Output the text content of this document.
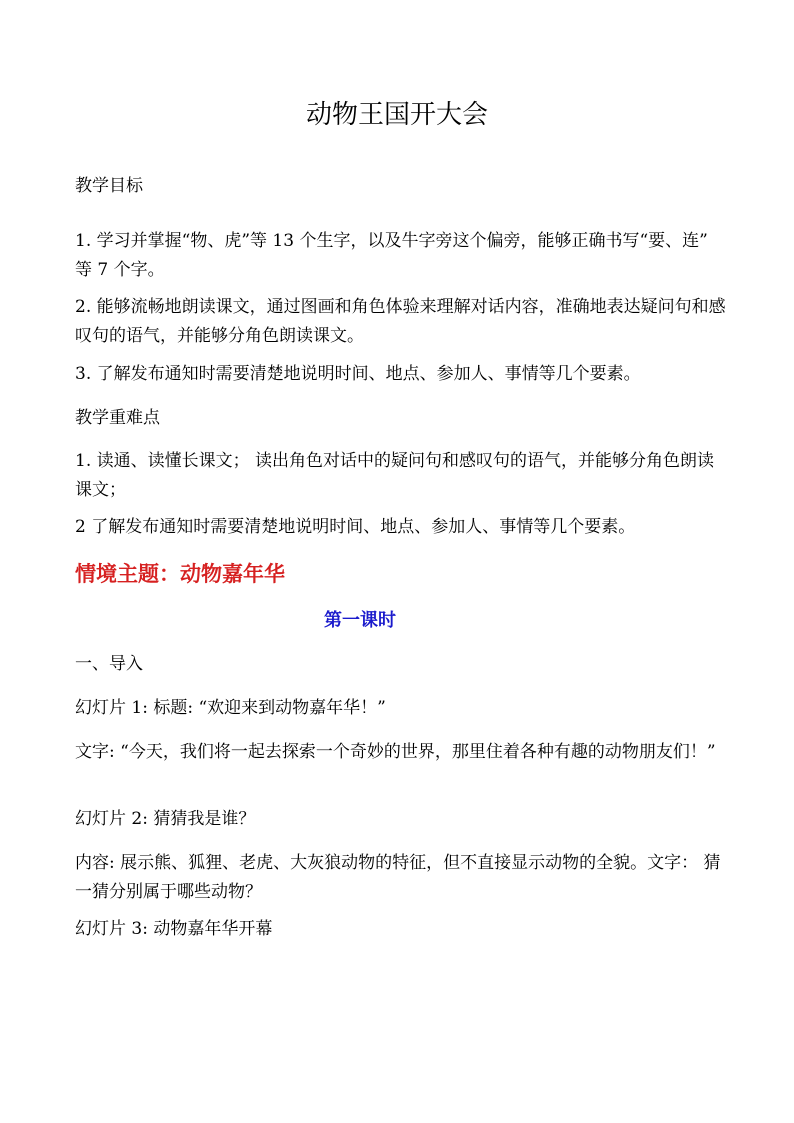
动物王国开大会

教学目标

1. 学习并掌握“物、虎”等 13 个生字，以及牛字旁这个偏旁，能够正确书写“要、连” 等 7 个字。

2. 能够流畅地朗读课文，通过图画和角色体验来理解对话内容，准确地表达疑问句和感叹句的语气，并能够分角色朗读课文。

3. 了解发布通知时需要清楚地说明时间、地点、参加人、事情等几个要素。

教学重难点

1. 读通、读懂长课文； 读出角色对话中的疑问句和感叹句的语气，并能够分角色朗读课文；

2 了解发布通知时需要清楚地说明时间、地点、参加人、事情等几个要素。

情境主题：动物嘉年华
第一课时

一、导入

幻灯片 1: 标题: “欢迎来到动物嘉年华！”

文字: “今天，我们将一起去探索一个奇妙的世界，那里住着各种有趣的动物朋友们！”

幻灯片 2: 猜猜我是谁？

内容: 展示熊、狐狸、老虎、大灰狼动物的特征，但不直接显示动物的全貌。文字： 猜一猜分别属于哪些动物？

幻灯片 3: 动物嘉年华开幕
